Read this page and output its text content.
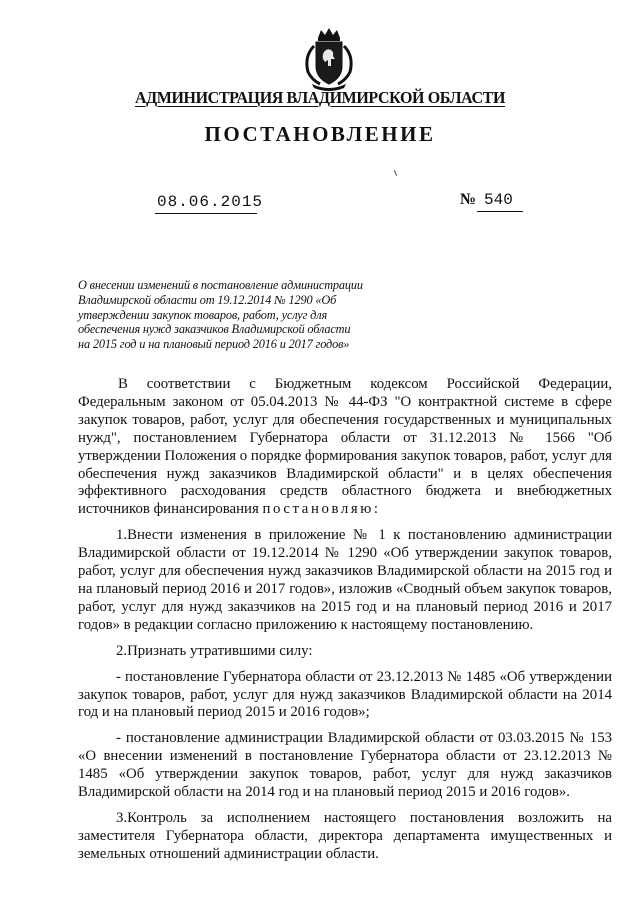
АДМИНИСТРАЦИЯ ВЛАДИМИРСКОЙ ОБЛАСТИ
ПОСТАНОВЛЕНИЕ
08.06.2015	№ 540
О внесении изменений в постановление администрации
Владимирской области от 19.12.2014 № 1290 «Об
утверждении закупок товаров, работ, услуг для
обеспечения нужд заказчиков Владимирской области
на 2015 год и на плановый период 2016 и 2017 годов»

В соответствии с Бюджетным кодексом Российской Федерации, Федеральным законом от 05.04.2013 № 44-ФЗ "О контрактной системе в сфере закупок товаров, работ, услуг для обеспечения государственных и муниципальных нужд", постановлением Губернатора области от 31.12.2013 № 1566 "Об утверждении Положения о порядке формирования закупок товаров, работ, услуг для обеспечения нужд заказчиков Владимирской области" и в целях обеспечения эффективного расходования средств областного бюджета и внебюджетных источников финансирования постановляю:

1.Внести изменения в приложение № 1 к постановлению администрации Владимирской области от 19.12.2014 № 1290 «Об утверждении закупок товаров, работ, услуг для обеспечения нужд заказчиков Владимирской области на 2015 год и на плановый период 2016 и 2017 годов», изложив «Сводный объем закупок товаров, работ, услуг для нужд заказчиков на 2015 год и на плановый период 2016 и 2017 годов» в редакции согласно приложению к настоящему постановлению.

2.Признать утратившими силу:

- постановление Губернатора области от 23.12.2013 № 1485 «Об утверждении закупок товаров, работ, услуг для нужд заказчиков Владимирской области на 2014 год и на плановый период 2015 и 2016 годов»;

- постановление администрации Владимирской области от 03.03.2015 № 153 «О внесении изменений в постановление Губернатора области от 23.12.2013 № 1485 «Об утверждении закупок товаров, работ, услуг для нужд заказчиков Владимирской области на 2014 год и на плановый период 2015 и 2016 годов».

3.Контроль за исполнением настоящего постановления возложить на заместителя Губернатора области, директора департамента имущественных и земельных отношений администрации области.
